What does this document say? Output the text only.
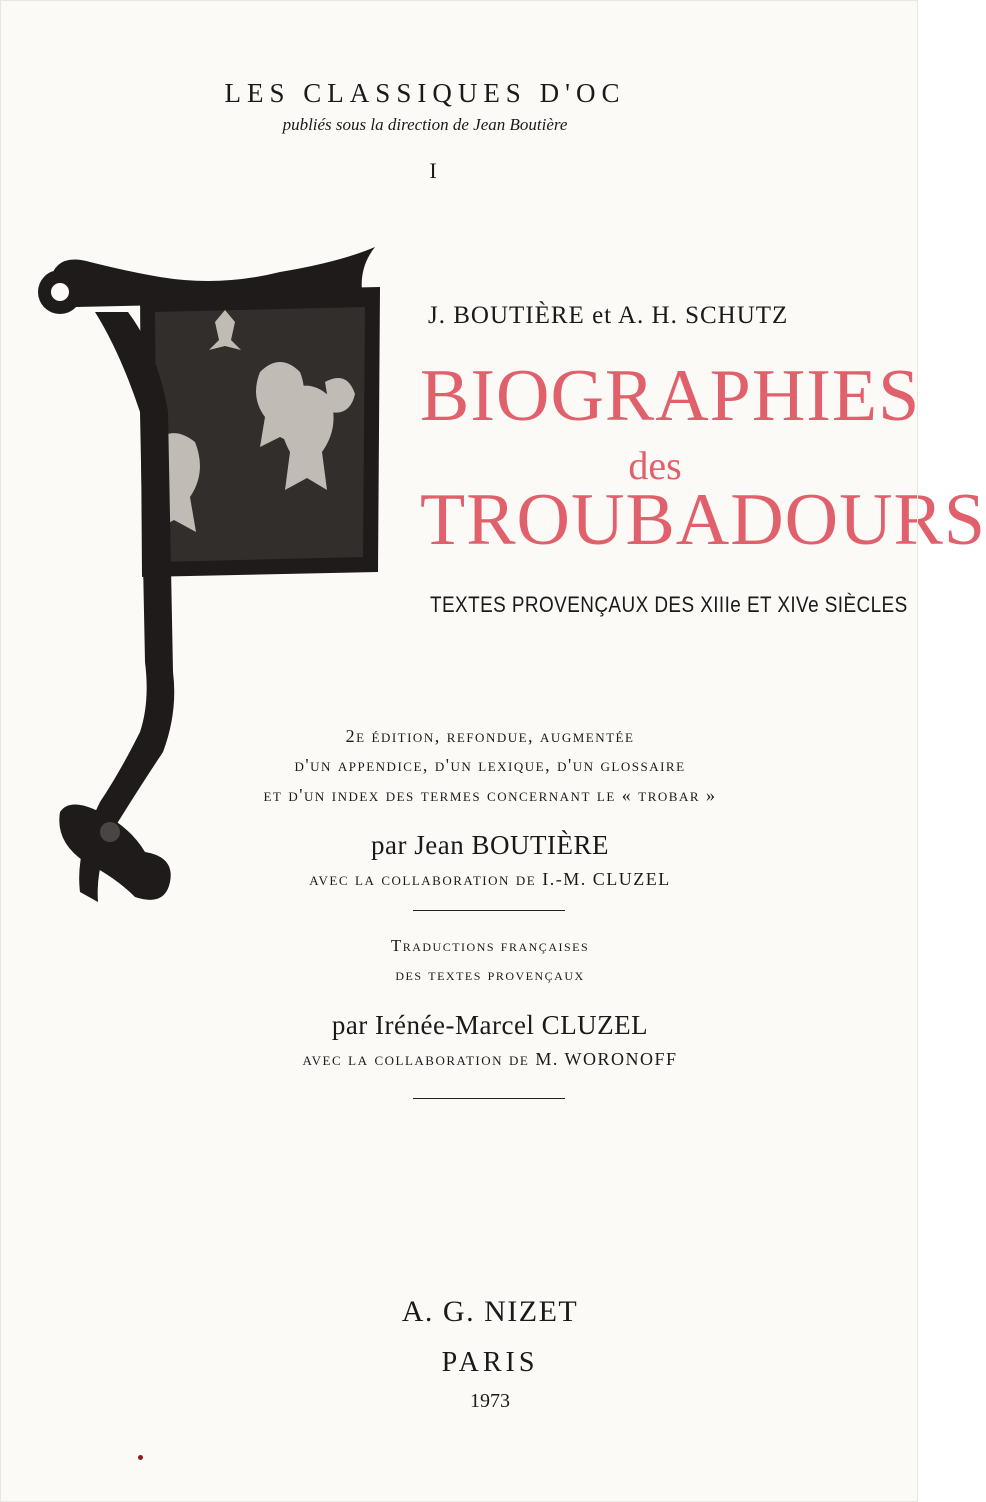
LES CLASSIQUES D'OC
publiés sous la direction de Jean Boutière
I
J. BOUTIÈRE et A. H. SCHUTZ
BIOGRAPHIES
des
TROUBADOURS
TEXTES PROVENÇAUX DES XIIIe ET XIVe SIÈCLES
2e édition, refondue, augmentée
d'un appendice, d'un lexique, d'un glossaire
et d'un index des termes concernant le « trobar »
par Jean BOUTIÈRE
avec la collaboration de I.-M. CLUZEL
Traductions françaises
des textes provençaux
par Irénée-Marcel CLUZEL
avec la collaboration de M. WORONOFF
A. G. NIZET
PARIS
1973
